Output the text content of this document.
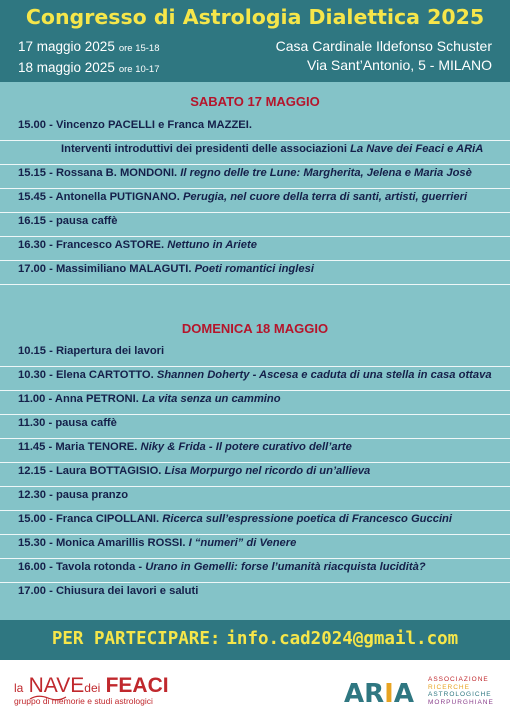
Congresso di Astrologia Dialettica 2025
17 maggio 2025 ore 15-18
18 maggio 2025 ore 10-17
Casa Cardinale Ildefonso Schuster
Via Sant’Antonio, 5 - MILANO
SABATO 17 MAGGIO
15.00 - Vincenzo PACELLI e Franca MAZZEI.
Interventi introduttivi dei presidenti delle associazioni La Nave dei Feaci e ARiA
15.15 - Rossana B. MONDONI. Il regno delle tre Lune: Margherita, Jelena e Maria Josè
15.45 - Antonella PUTIGNANO. Perugia, nel cuore della terra di santi, artisti, guerrieri
16.15 - pausa caffè
16.30 - Francesco ASTORE. Nettuno in Ariete
17.00 - Massimiliano MALAGUTI. Poeti romantici inglesi
DOMENICA 18 MAGGIO
10.15 - Riapertura dei lavori
10.30 - Elena CARTOTTO. Shannen Doherty - Ascesa e caduta di una stella in casa ottava
11.00 - Anna PETRONI. La vita senza un cammino
11.30 - pausa caffè
11.45 - Maria TENORE. Niky & Frida - Il potere curativo dell’arte
12.15 - Laura BOTTAGISIO. Lisa Morpurgo nel ricordo di un’allieva
12.30 - pausa pranzo
15.00 - Franca CIPOLLANI. Ricerca sull’espressione poetica di Francesco Guccini
15.30 - Monica Amarillis ROSSI. I “numeri” di Venere
16.00 - Tavola rotonda - Urano in Gemelli: forse l’umanità riacquista lucidità?
17.00 - Chiusura dei lavori e saluti
PER PARTECIPARE: info.cad2024@gmail.com
la NAVEdei FEACI
gruppo di memorie e studi astrologici	ARIA ASSOCIAZIONE
RICERCHE
ASTROLOGICHE
MORPURGHIANE
